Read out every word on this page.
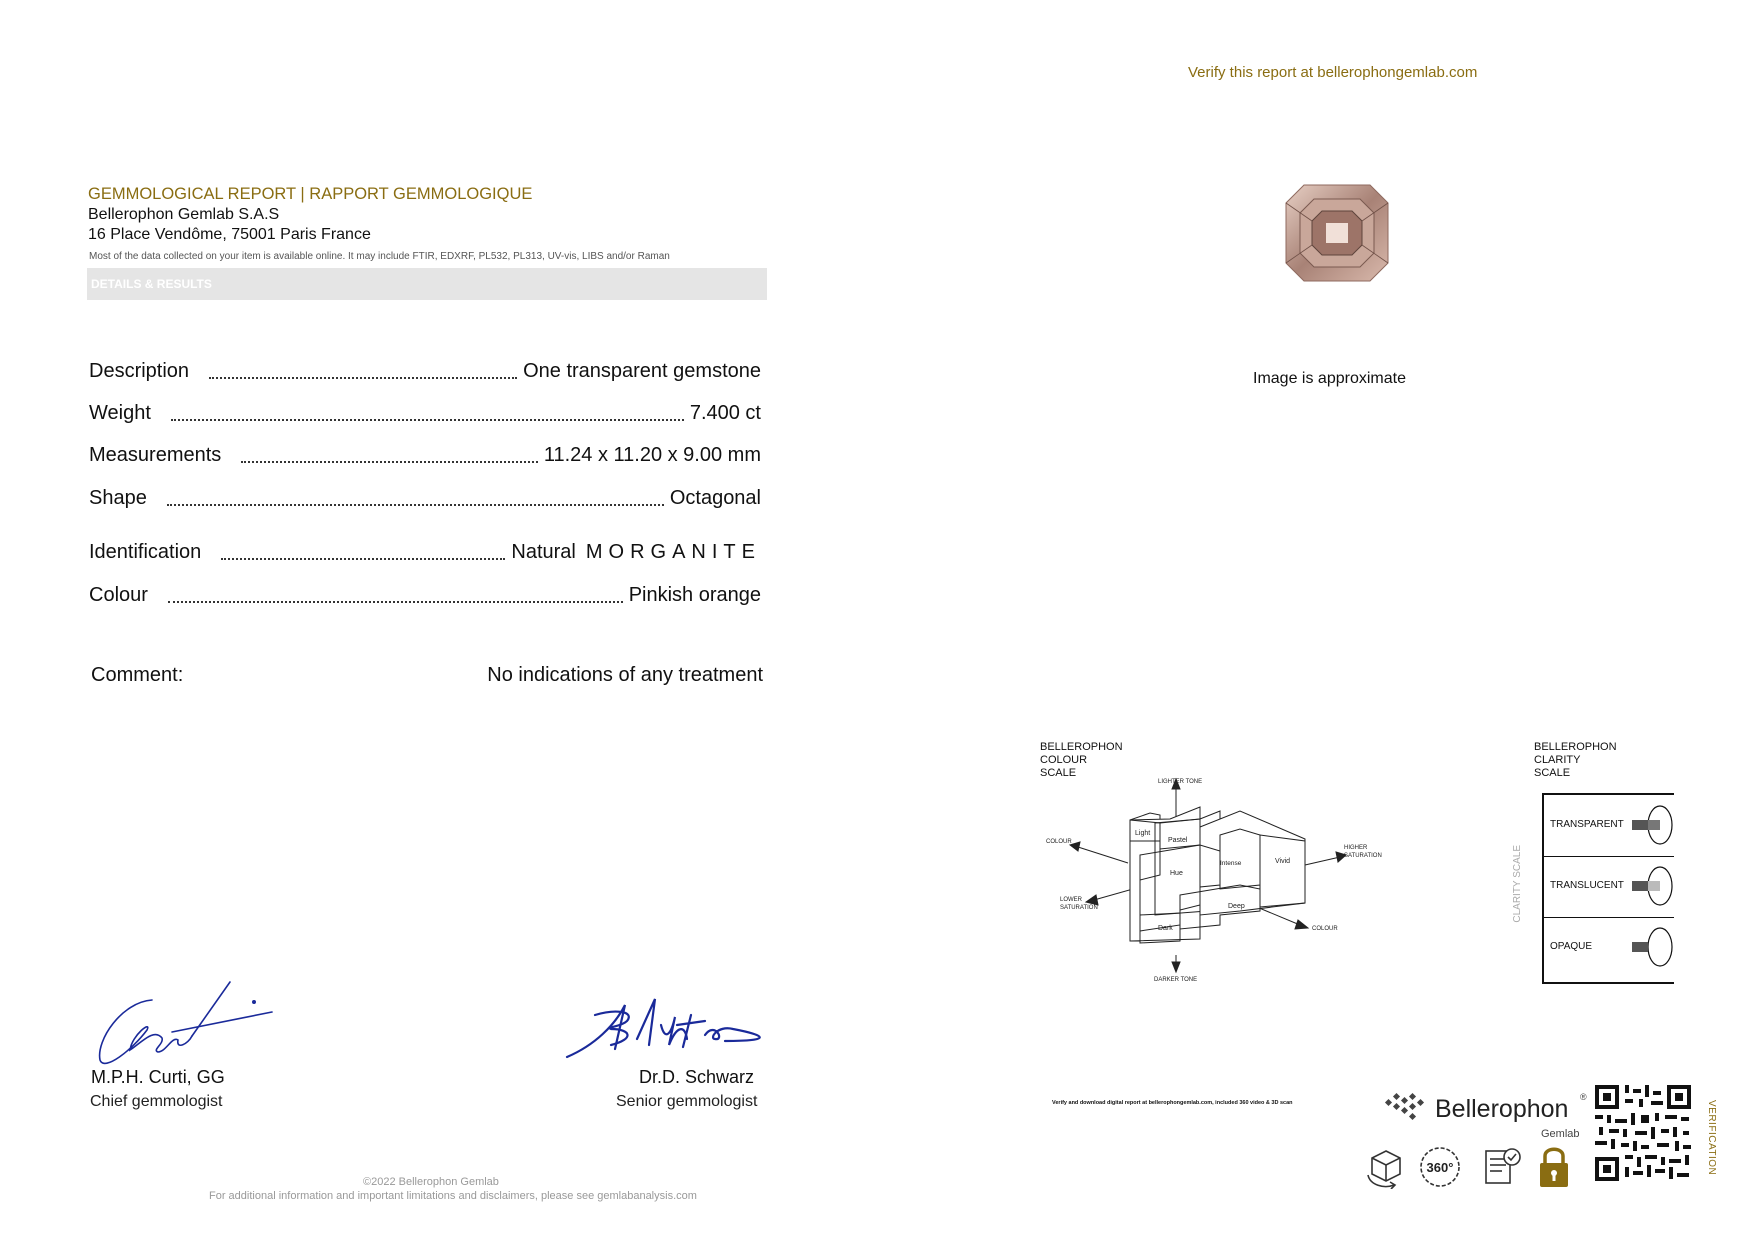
Verify this report at bellerophongemlab.com
GEMMOLOGICAL REPORT | RAPPORT GEMMOLOGIQUE
Bellerophon Gemlab S.A.S
16 Place Vendôme, 75001 Paris France
Most of the data collected on your item is available online. It may include FTIR, EDXRF, PL532, PL313, UV-vis, LIBS and/or Raman
DETAILS & RESULTS
Description	One transparent gemstone
Weight	7.400 ct
Measurements	11.24 x 11.20 x 9.00 mm
Shape	Octagonal
Identification	Natural MORGANITE
Colour	Pinkish orange
Comment:	No indications of any treatment
Image is approximate
BELLEROPHON
COLOUR
SCALE
LIGHTER TONE
DARKER TONE
COLOUR
COLOUR
HIGHER
SATURATION
LOWER
SATURATION
Light
Pastel
Hue
Intense	Vivid
Deep
Dark
BELLEROPHON
CLARITY
SCALE
CLARITY SCALE
TRANSPARENT
TRANSLUCENT
OPAQUE
M.P.H. Curti, GG
Chief gemmologist
Dr.D. Schwarz
Senior gemmologist
©2022 Bellerophon Gemlab
For additional information and important limitations and disclaimers, please see gemlabanalysis.com
Verify and download digital report at bellerophongemlab.com, included 360 video & 3D scan	Bellerophon ®
Gemlab
360°	VERIFICATION
